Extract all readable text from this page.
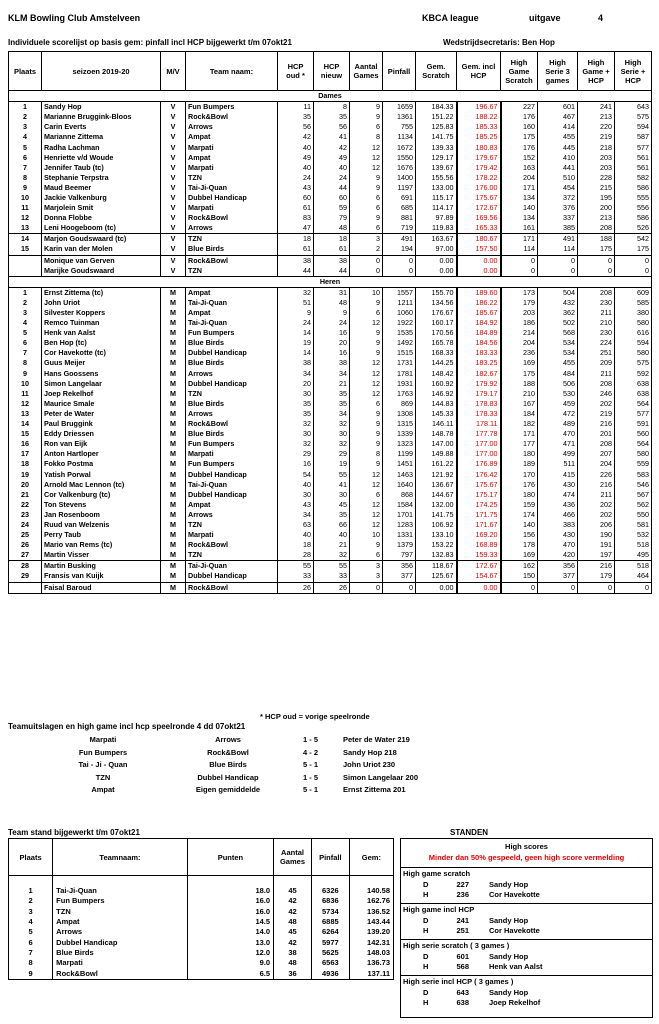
KLM Bowling Club Amstelveen	KBCA league	uitgave	4
Individuele scorelijst op basis gem: pinfall incl HCP bijgewerkt t/m 07okt21	Wedstrijdsecretaris: Ben Hop
Plaats	seizoen 2019-20	M/V	Team naam:	HCP oud *	HCP nieuw	Aantal Games	Pinfall	Gem. Scratch	Gem. incl HCP	High Game Scratch	High Serie 3 games	High Game + HCP	High Serie + HCP
Dames													
1	Sandy Hop	V	Fun Bumpers	11	8	9	1659	184.33	196.67	227	601	241	643
2	Marianne Bruggink-Bloos	V	Rock&Bowl	35	35	9	1361	151.22	188.22	176	467	213	575
3	Carin Everts	V	Arrows	56	56	6	755	125.83	185.33	160	414	220	594
4	Marianne Zittema	V	Ampat	42	41	8	1134	141.75	185.25	175	455	219	587
5	Radha Lachman	V	Marpati	40	42	12	1672	139.33	180.83	176	445	218	577
6	Henriette v/d Woude	V	Ampat	49	49	12	1550	129.17	179.67	152	410	203	561
7	Jennifer Taub (tc)	V	Marpati	40	40	12	1676	139.67	179.42	163	441	203	561
8	Stephanie Terpstra	V	TZN	24	24	9	1400	155.56	178.22	204	510	228	582
9	Maud Beemer	V	Tai-Ji-Quan	43	44	9	1197	133.00	176.00	171	454	215	586
10	Jackie Valkenburg	V	Dubbel Handicap	60	60	6	691	115.17	175.67	134	372	195	555
11	Marjolein Smit	V	Marpati	61	59	6	685	114.17	172.67	140	376	200	556
12	Donna Flobbe	V	Rock&Bowl	83	79	9	881	97.89	169.56	134	337	213	586
13	Leni Hoogeboom (tc)	V	Arrows	47	48	6	719	119.83	165.33	161	385	208	526
14	Marjon Goudswaard (tc)	V	TZN	18	18	3	491	163.67	180.67	171	491	188	542
15	Karin van der Molen	V	Blue Birds	61	61	2	194	97.00	157.50	114	114	175	175
	Monique van Gerven	V	Rock&Bowl	38	38	0	0	0.00	0.00	0	0	0	0
	Marijke Goudswaard	V	TZN	44	44	0	0	0.00	0.00	0	0	0	0
Heren													
1	Ernst Zittema (tc)	M	Ampat	32	31	10	1557	155.70	189.60	173	504	208	609
2	John Uriot	M	Tai-Ji-Quan	51	48	9	1211	134.56	186.22	179	432	230	585
3	Silvester Koppers	M	Ampat	9	9	6	1060	176.67	185.67	203	362	211	380
4	Remco Tuinman	M	Tai-Ji-Quan	24	24	12	1922	160.17	184.92	186	502	210	580
5	Henk van Aalst	M	Fun Bumpers	14	16	9	1535	170.56	184.89	214	568	230	616
6	Ben Hop (tc)	M	Blue Birds	19	20	9	1492	165.78	184.56	204	534	224	594
7	Cor Havekotte (tc)	M	Dubbel Handicap	14	16	9	1515	168.33	183.33	236	534	251	580
8	Guus Meijer	M	Blue Birds	38	38	12	1731	144.25	183.25	169	455	209	575
9	Hans Goossens	M	Arrows	34	34	12	1781	148.42	182.67	175	484	211	592
10	Simon Langelaar	M	Dubbel Handicap	20	21	12	1931	160.92	179.92	188	506	208	638
11	Joep Rekelhof	M	TZN	30	35	12	1763	146.92	179.17	210	530	246	638
12	Maurice Smale	M	Blue Birds	35	35	6	869	144.83	178.83	167	459	202	564
13	Peter de Water	M	Arrows	35	34	9	1308	145.33	178.33	184	472	219	577
14	Paul Bruggink	M	Rock&Bowl	32	32	9	1315	146.11	178.11	182	489	216	591
15	Eddy Driessen	M	Blue Birds	30	30	9	1339	148.78	177.78	171	470	201	560
16	Ron van Eijk	M	Fun Bumpers	32	32	9	1323	147.00	177.00	177	471	208	564
17	Anton Hartloper	M	Marpati	29	29	8	1199	149.88	177.00	180	499	207	580
18	Fokko Postma	M	Fun Bumpers	16	19	9	1451	161.22	176.89	189	511	204	559
19	Yatish Porwal	M	Dubbel Handicap	54	55	12	1463	121.92	176.42	170	415	226	583
20	Arnold Mac Lennon (tc)	M	Tai-Ji-Quan	40	41	12	1640	136.67	175.67	176	430	216	546
21	Cor Valkenburg (tc)	M	Dubbel Handicap	30	30	6	868	144.67	175.17	180	474	211	567
22	Ton Stevens	M	Ampat	43	45	12	1584	132.00	174.25	159	436	202	562
23	Jan Rosenboom	M	Arrows	34	35	12	1701	141.75	171.75	174	466	202	550
24	Ruud van Welzenis	M	TZN	63	66	12	1283	106.92	171.67	140	383	206	581
25	Perry Taub	M	Marpati	40	40	10	1331	133.10	169.20	156	430	190	532
26	Mario van Rems (tc)	M	Rock&Bowl	18	21	9	1379	153.22	168.89	178	470	191	518
27	Martin Visser	M	TZN	28	32	6	797	132.83	159.33	169	420	197	495
28	Martin Busking	M	Tai-Ji-Quan	55	55	3	356	118.67	172.67	162	356	216	518
29	Fransis van Kuijk	M	Dubbel Handicap	33	33	3	377	125.67	154.67	150	377	179	464
	Faisal Baroud	M	Rock&Bowl	26	26	0	0	0.00	0.00	0	0	0	0
* HCP oud = vorige speelronde
Teamuitslagen en high game incl hcp speelronde 4 dd 07okt21
Marpati	Arrows	1 - 5	Peter de Water 219
Fun Bumpers	Rock&Bowl	4 - 2	Sandy Hop 218
Tai - Ji - Quan	Blue Birds	5 - 1	John Uriot 230
TZN	Dubbel Handicap	1 - 5	Simon Langelaar 200
Ampat	Eigen gemiddelde	5 - 1	Ernst Zittema 201
Team stand bijgewerkt t/m 07okt21	STANDEN
Plaats	Teamnaam:	Punten	Aantal Games	Pinfall	Gem:

1	Tai-Ji-Quan	18.0	45	6326	140.58
2	Fun Bumpers	16.0	42	6836	162.76
3	TZN	16.0	42	5734	136.52
4	Ampat	14.5	48	6885	143.44
5	Arrows	14.0	45	6264	139.20
6	Dubbel Handicap	13.0	42	5977	142.31
7	Blue Birds	12.0	38	5625	148.03
8	Marpati	9.0	48	6563	136.73
9	Rock&Bowl	6.5	36	4936	137.11
High scores
Minder dan 50% gespeeld, geen high score vermelding
High game scratch
D	227	Sandy Hop
H	236	Cor Havekotte
High game incl HCP
D	241	Sandy Hop
H	251	Cor Havekotte
High serie scratch ( 3 games )
D	601	Sandy Hop
H	568	Henk van Aalst
High serie incl HCP ( 3 games )
D	643	Sandy Hop
H	638	Joep Rekelhof
